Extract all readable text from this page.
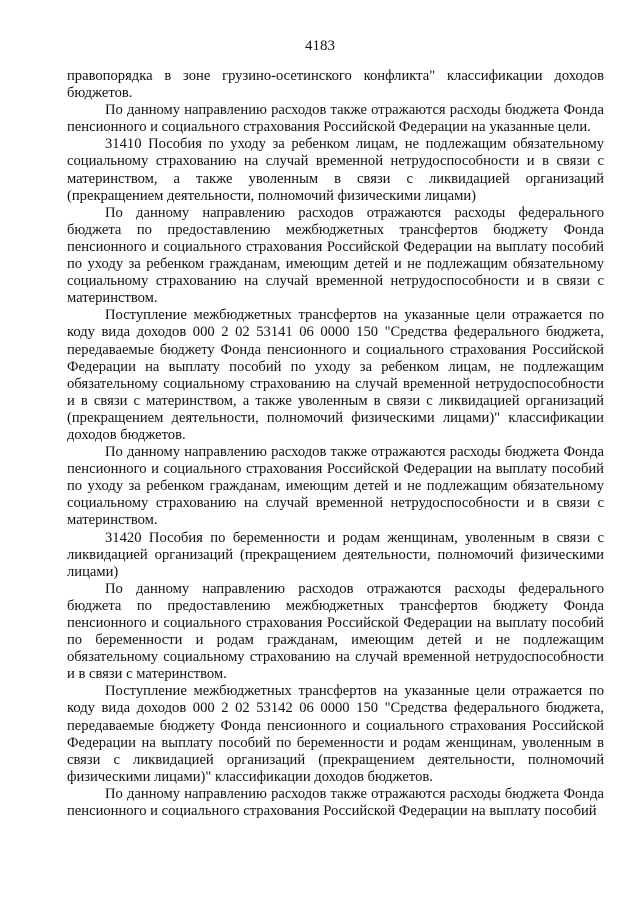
4183

правопорядка в зоне грузино-осетинского конфликта" классификации доходов бюджетов.

По данному направлению расходов также отражаются расходы бюджета Фонда пенсионного и социального страхования Российской Федерации на указанные цели.

31410 Пособия по уходу за ребенком лицам, не подлежащим обязательному социальному страхованию на случай временной нетрудоспособности и в связи с материнством, а также уволенным в связи с ликвидацией организаций (прекращением деятельности, полномочий физическими лицами)

По данному направлению расходов отражаются расходы федерального бюджета по предоставлению межбюджетных трансфертов бюджету Фонда пенсионного и социального страхования Российской Федерации на выплату пособий по уходу за ребенком гражданам, имеющим детей и не подлежащим обязательному социальному страхованию на случай временной нетрудоспособности и в связи с материнством.

Поступление межбюджетных трансфертов на указанные цели отражается по коду вида доходов 000 2 02 53141 06 0000 150 "Средства федерального бюджета, передаваемые бюджету Фонда пенсионного и социального страхования Российской Федерации на выплату пособий по уходу за ребенком лицам, не подлежащим обязательному социальному страхованию на случай временной нетрудоспособности и в связи с материнством, а также уволенным в связи с ликвидацией организаций (прекращением деятельности, полномочий физическими лицами)" классификации доходов бюджетов.

По данному направлению расходов также отражаются расходы бюджета Фонда пенсионного и социального страхования Российской Федерации на выплату пособий по уходу за ребенком гражданам, имеющим детей и не подлежащим обязательному социальному страхованию на случай временной нетрудоспособности и в связи с материнством.

31420 Пособия по беременности и родам женщинам, уволенным в связи с ликвидацией организаций (прекращением деятельности, полномочий физическими лицами)

По данному направлению расходов отражаются расходы федерального бюджета по предоставлению межбюджетных трансфертов бюджету Фонда пенсионного и социального страхования Российской Федерации на выплату пособий по беременности и родам гражданам, имеющим детей и не подлежащим обязательному социальному страхованию на случай временной нетрудоспособности и в связи с материнством.

Поступление межбюджетных трансфертов на указанные цели отражается по коду вида доходов 000 2 02 53142 06 0000 150 "Средства федерального бюджета, передаваемые бюджету Фонда пенсионного и социального страхования Российской Федерации на выплату пособий по беременности и родам женщинам, уволенным в связи с ликвидацией организаций (прекращением деятельности, полномочий физическими лицами)" классификации доходов бюджетов.

По данному направлению расходов также отражаются расходы бюджета Фонда пенсионного и социального страхования Российской Федерации на выплату пособий
